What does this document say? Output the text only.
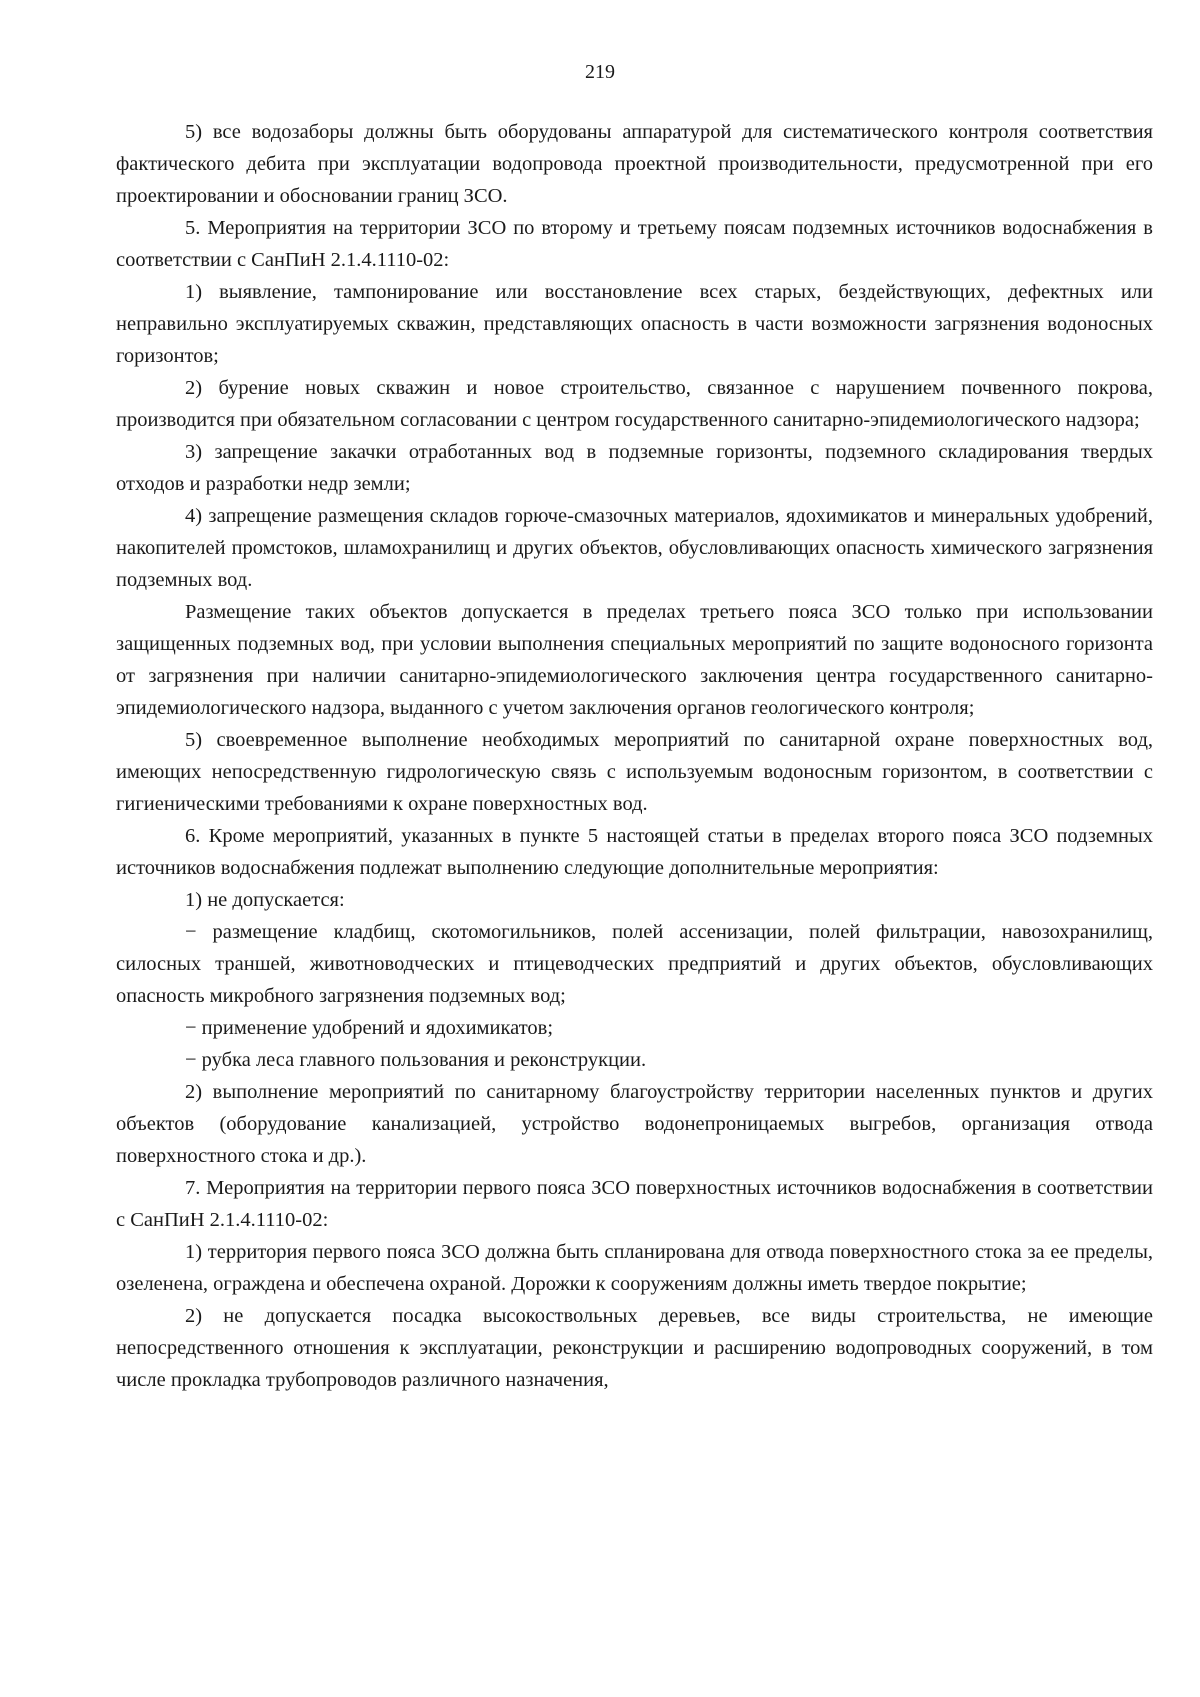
219

5) все водозаборы должны быть оборудованы аппаратурой для систематического контроля соответствия фактического дебита при эксплуатации водопровода проектной производительности, предусмотренной при его проектировании и обосновании границ ЗСО.

5. Мероприятия на территории ЗСО по второму и третьему поясам подземных источников водоснабжения в соответствии с СанПиН 2.1.4.1110-02:

1) выявление, тампонирование или восстановление всех старых, бездействующих, дефектных или неправильно эксплуатируемых скважин, представляющих опасность в части возможности загрязнения водоносных горизонтов;

2) бурение новых скважин и новое строительство, связанное с нарушением почвенного покрова, производится при обязательном согласовании с центром государственного санитарно-эпидемиологического надзора;

3) запрещение закачки отработанных вод в подземные горизонты, подземного складирования твердых отходов и разработки недр земли;

4) запрещение размещения складов горюче-смазочных материалов, ядохимикатов и минеральных удобрений, накопителей промстоков, шламохранилищ и других объектов, обусловливающих опасность химического загрязнения подземных вод.

Размещение таких объектов допускается в пределах третьего пояса ЗСО только при использовании защищенных подземных вод, при условии выполнения специальных мероприятий по защите водоносного горизонта от загрязнения при наличии санитарно-эпидемиологического заключения центра государственного санитарно-эпидемиологического надзора, выданного с учетом заключения органов геологического контроля;

5) своевременное выполнение необходимых мероприятий по санитарной охране поверхностных вод, имеющих непосредственную гидрологическую связь с используемым водоносным горизонтом, в соответствии с гигиеническими требованиями к охране поверхностных вод.

6. Кроме мероприятий, указанных в пункте 5 настоящей статьи в пределах второго пояса ЗСО подземных источников водоснабжения подлежат выполнению следующие дополнительные мероприятия:

1) не допускается:

− размещение кладбищ, скотомогильников, полей ассенизации, полей фильтрации, навозохранилищ, силосных траншей, животноводческих и птицеводческих предприятий и других объектов, обусловливающих опасность микробного загрязнения подземных вод;

− применение удобрений и ядохимикатов;

− рубка леса главного пользования и реконструкции.

2) выполнение мероприятий по санитарному благоустройству территории населенных пунктов и других объектов (оборудование канализацией, устройство водонепроницаемых выгребов, организация отвода поверхностного стока и др.).

7. Мероприятия на территории первого пояса ЗСО поверхностных источников водоснабжения в соответствии с СанПиН 2.1.4.1110-02:

1) территория первого пояса ЗСО должна быть спланирована для отвода поверхностного стока за ее пределы, озеленена, ограждена и обеспечена охраной. Дорожки к сооружениям должны иметь твердое покрытие;

2) не допускается посадка высокоствольных деревьев, все виды строительства, не имеющие непосредственного отношения к эксплуатации, реконструкции и расширению водопроводных сооружений, в том числе прокладка трубопроводов различного назначения,
